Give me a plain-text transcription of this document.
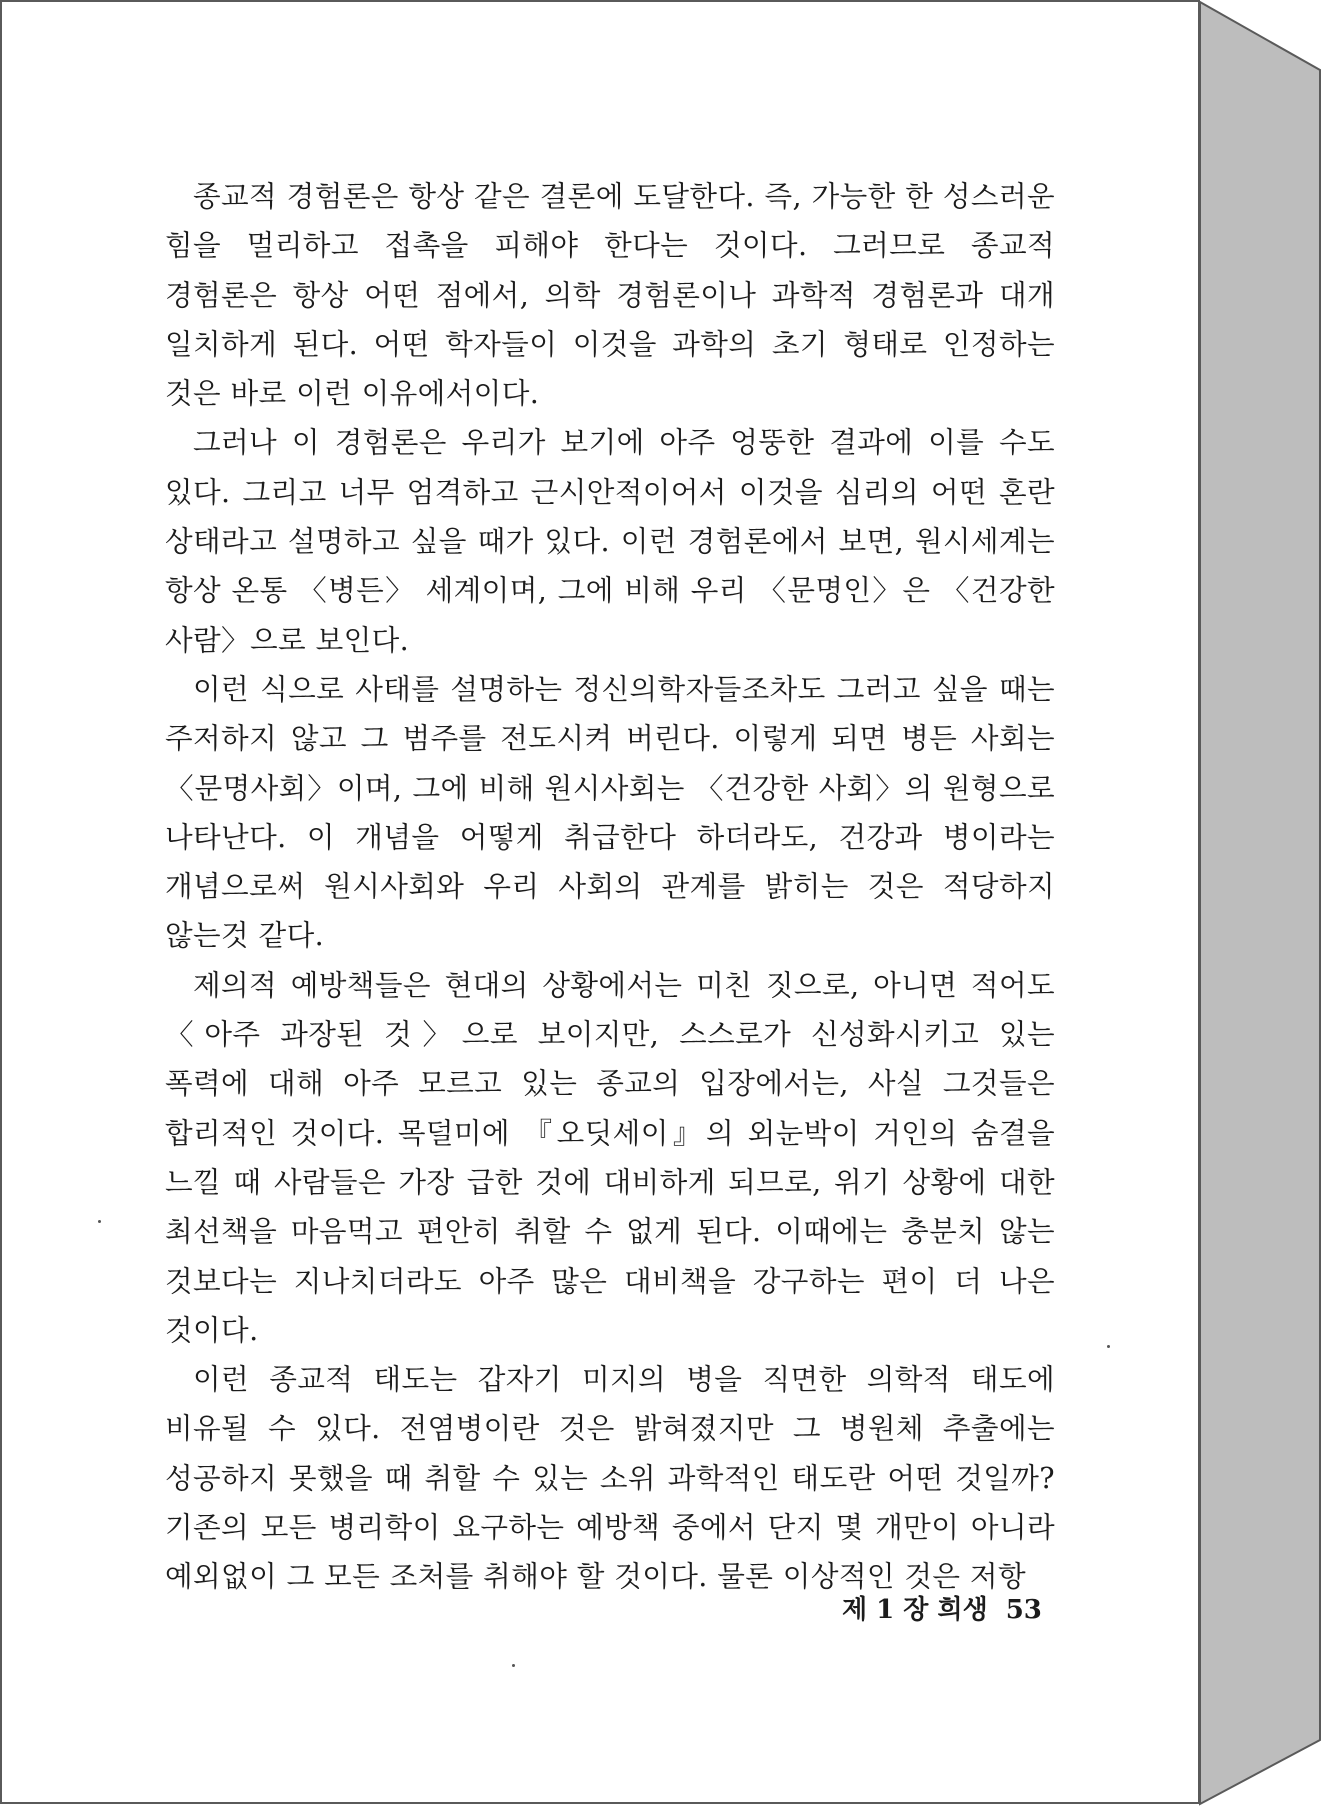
종교적 경험론은 항상 같은 결론에 도달한다. 즉, 가능한 한 성스러운 힘을 멀리하고 접촉을 피해야 한다는 것이다. 그러므로 종교적 경험론은 항상 어떤 점에서, 의학 경험론이나 과학적 경험론과 대개 일치하게 된다. 어떤 학자들이 이것을 과학의 초기 형태로 인정하는 것은 바로 이런 이유에서이다.

그러나 이 경험론은 우리가 보기에 아주 엉뚱한 결과에 이를 수도 있다. 그리고 너무 엄격하고 근시안적이어서 이것을 심리의 어떤 혼란 상태라고 설명하고 싶을 때가 있다. 이런 경험론에서 보면, 원시세계는 항상 온통 〈병든〉 세계이며, 그에 비해 우리 〈문명인〉은 〈건강한 사람〉으로 보인다.

이런 식으로 사태를 설명하는 정신의학자들조차도 그러고 싶을 때는 주저하지 않고 그 범주를 전도시켜 버린다. 이렇게 되면 병든 사회는 〈문명사회〉이며, 그에 비해 원시사회는 〈건강한 사회〉의 원형으로 나타난다. 이 개념을 어떻게 취급한다 하더라도, 건강과 병이라는 개념으로써 원시사회와 우리 사회의 관계를 밝히는 것은 적당하지 않는것 같다.

제의적 예방책들은 현대의 상황에서는 미친 짓으로, 아니면 적어도 〈아주 과장된 것〉으로 보이지만, 스스로가 신성화시키고 있는 폭력에 대해 아주 모르고 있는 종교의 입장에서는, 사실 그것들은 합리적인 것이다. 목덜미에 『오딧세이』의 외눈박이 거인의 숨결을 느낄 때 사람들은 가장 급한 것에 대비하게 되므로, 위기 상황에 대한 최선책을 마음먹고 편안히 취할 수 없게 된다. 이때에는 충분치 않는 것보다는 지나치더라도 아주 많은 대비책을 강구하는 편이 더 나은 것이다.

이런 종교적 태도는 갑자기 미지의 병을 직면한 의학적 태도에 비유될 수 있다. 전염병이란 것은 밝혀졌지만 그 병원체 추출에는 성공하지 못했을 때 취할 수 있는 소위 과학적인 태도란 어떤 것일까? 기존의 모든 병리학이 요구하는 예방책 중에서 단지 몇 개만이 아니라 예외없이 그 모든 조처를 취해야 할 것이다. 물론 이상적인 것은 저항

제 1 장 희생 53
